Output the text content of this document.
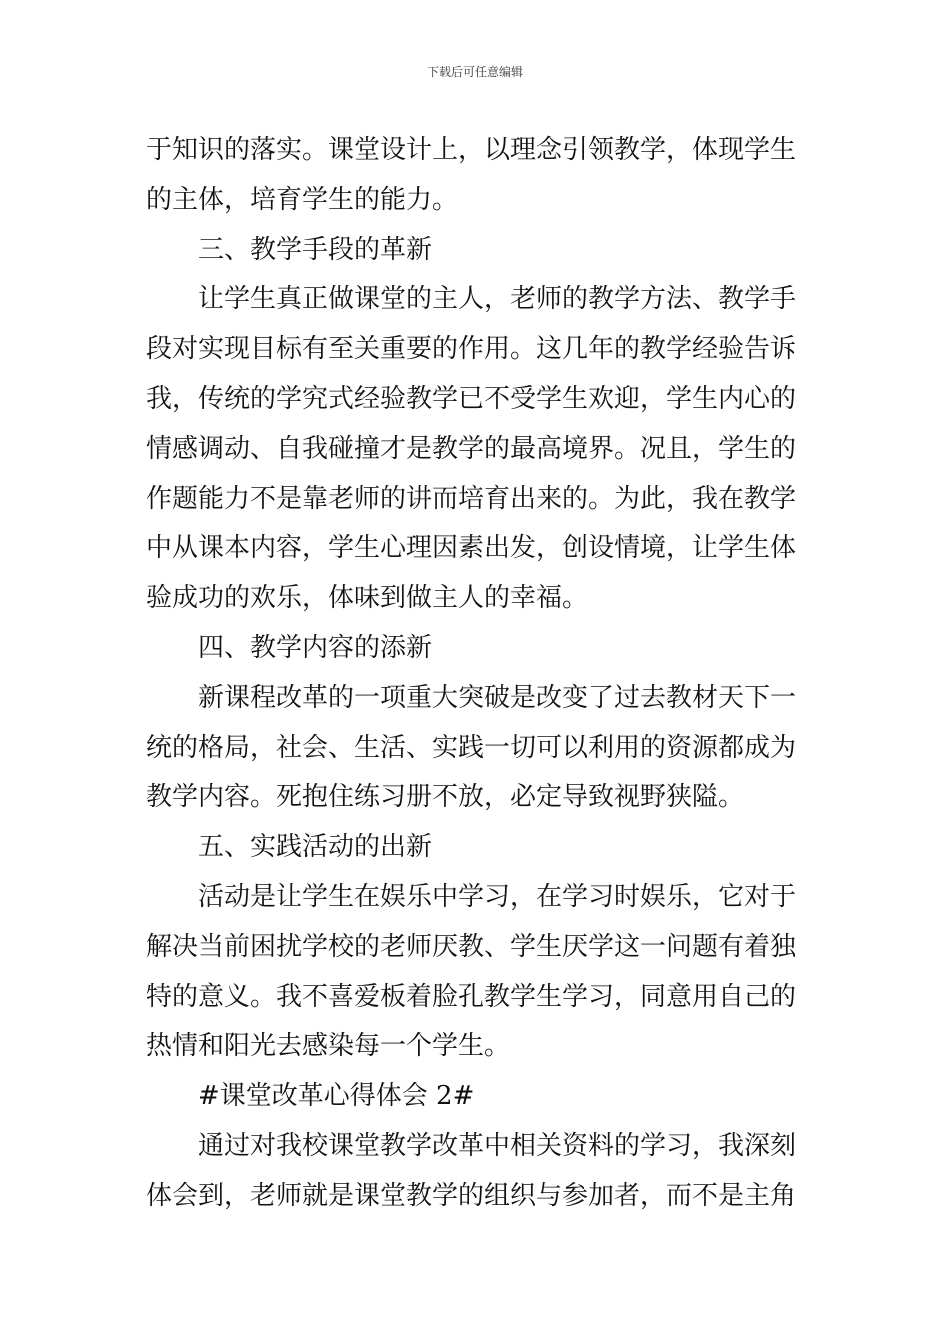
下载后可任意编辑
于知识的落实。课堂设计上，以理念引领教学，体现学生
的主体，培育学生的能力。
三、教学手段的革新
让学生真正做课堂的主人，老师的教学方法、教学手
段对实现目标有至关重要的作用。这几年的教学经验告诉
我，传统的学究式经验教学已不受学生欢迎，学生内心的
情感调动、自我碰撞才是教学的最高境界。况且，学生的
作题能力不是靠老师的讲而培育出来的。为此，我在教学
中从课本内容，学生心理因素出发，创设情境，让学生体
验成功的欢乐，体味到做主人的幸福。
四、教学内容的添新
新课程改革的一项重大突破是改变了过去教材天下一
统的格局，社会、生活、实践一切可以利用的资源都成为
教学内容。死抱住练习册不放，必定导致视野狭隘。
五、实践活动的出新
活动是让学生在娱乐中学习，在学习时娱乐，它对于
解决当前困扰学校的老师厌教、学生厌学这一问题有着独
特的意义。我不喜爱板着脸孔教学生学习，同意用自己的
热情和阳光去感染每一个学生。
#课堂改革心得体会 2#
通过对我校课堂教学改革中相关资料的学习，我深刻
体会到，老师就是课堂教学的组织与参加者，而不是主角
